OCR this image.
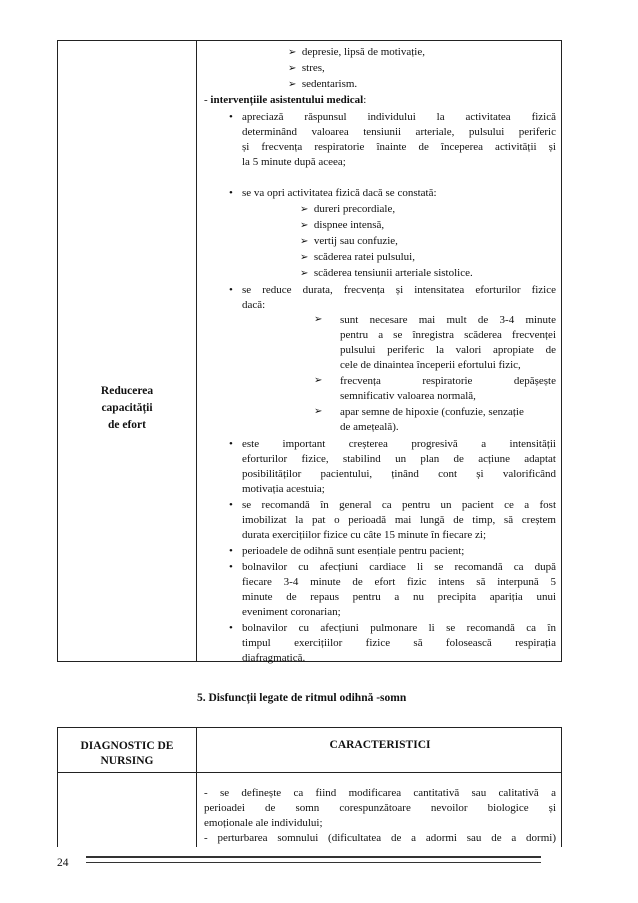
Reducerea
capacității
de efort
➢ depresie, lipsă de motivație,
➢ stres,
➢ sedentarism.
- intervențiile asistentului medical:
• apreciază răspunsul individului la activitatea fizică
determinând valoarea tensiunii arteriale, pulsului periferic
și frecvența respiratorie înainte de începerea activității și
la 5 minute după aceea;
• se va opri activitatea fizică dacă se constată:
➢ dureri precordiale,
➢ dispnee intensă,
➢ vertij sau confuzie,
➢ scăderea ratei pulsului,
➢ scăderea tensiunii arteriale sistolice.
• se reduce durata, frecvența și intensitatea eforturilor fizice
dacă:
➢ sunt necesare mai mult de 3-4 minute
pentru a se înregistra scăderea frecvenței
pulsului periferic la valori apropiate de
cele de dinaintea începerii efortului fizic,
➢ frecvența respiratorie depășește
semnificativ valoarea normală,
➢ apar semne de hipoxie (confuzie, senzație
de amețeală).
• este important creșterea progresivă a intensității
eforturilor fizice, stabilind un plan de acțiune adaptat
posibilităților pacientului, ținând cont și valorificând
motivația acestuia;
• se recomandă în general ca pentru un pacient ce a fost
imobilizat la pat o perioadă mai lungă de timp, să creștem
durata exercițiilor fizice cu câte 15 minute în fiecare zi;
• perioadele de odihnă sunt esențiale pentru pacient;
• bolnavilor cu afecțiuni cardiace li se recomandă ca după
fiecare 3-4 minute de efort fizic intens să interpună 5
minute de repaus pentru a nu precipita apariția unui
eveniment coronarian;
• bolnavilor cu afecțiuni pulmonare li se recomandă ca în
timpul exercițiilor fizice să folosească respirația
diafragmatică.
5. Disfuncții legate de ritmul odihnă -somn
DIAGNOSTIC DE
NURSING
CARACTERISTICI
- se definește ca fiind modificarea cantitativă sau calitativă a
perioadei de somn corespunzătoare nevoilor biologice și
emoționale ale individului;
- perturbarea somnului (dificultatea de a adormi sau de a dormi)
24
